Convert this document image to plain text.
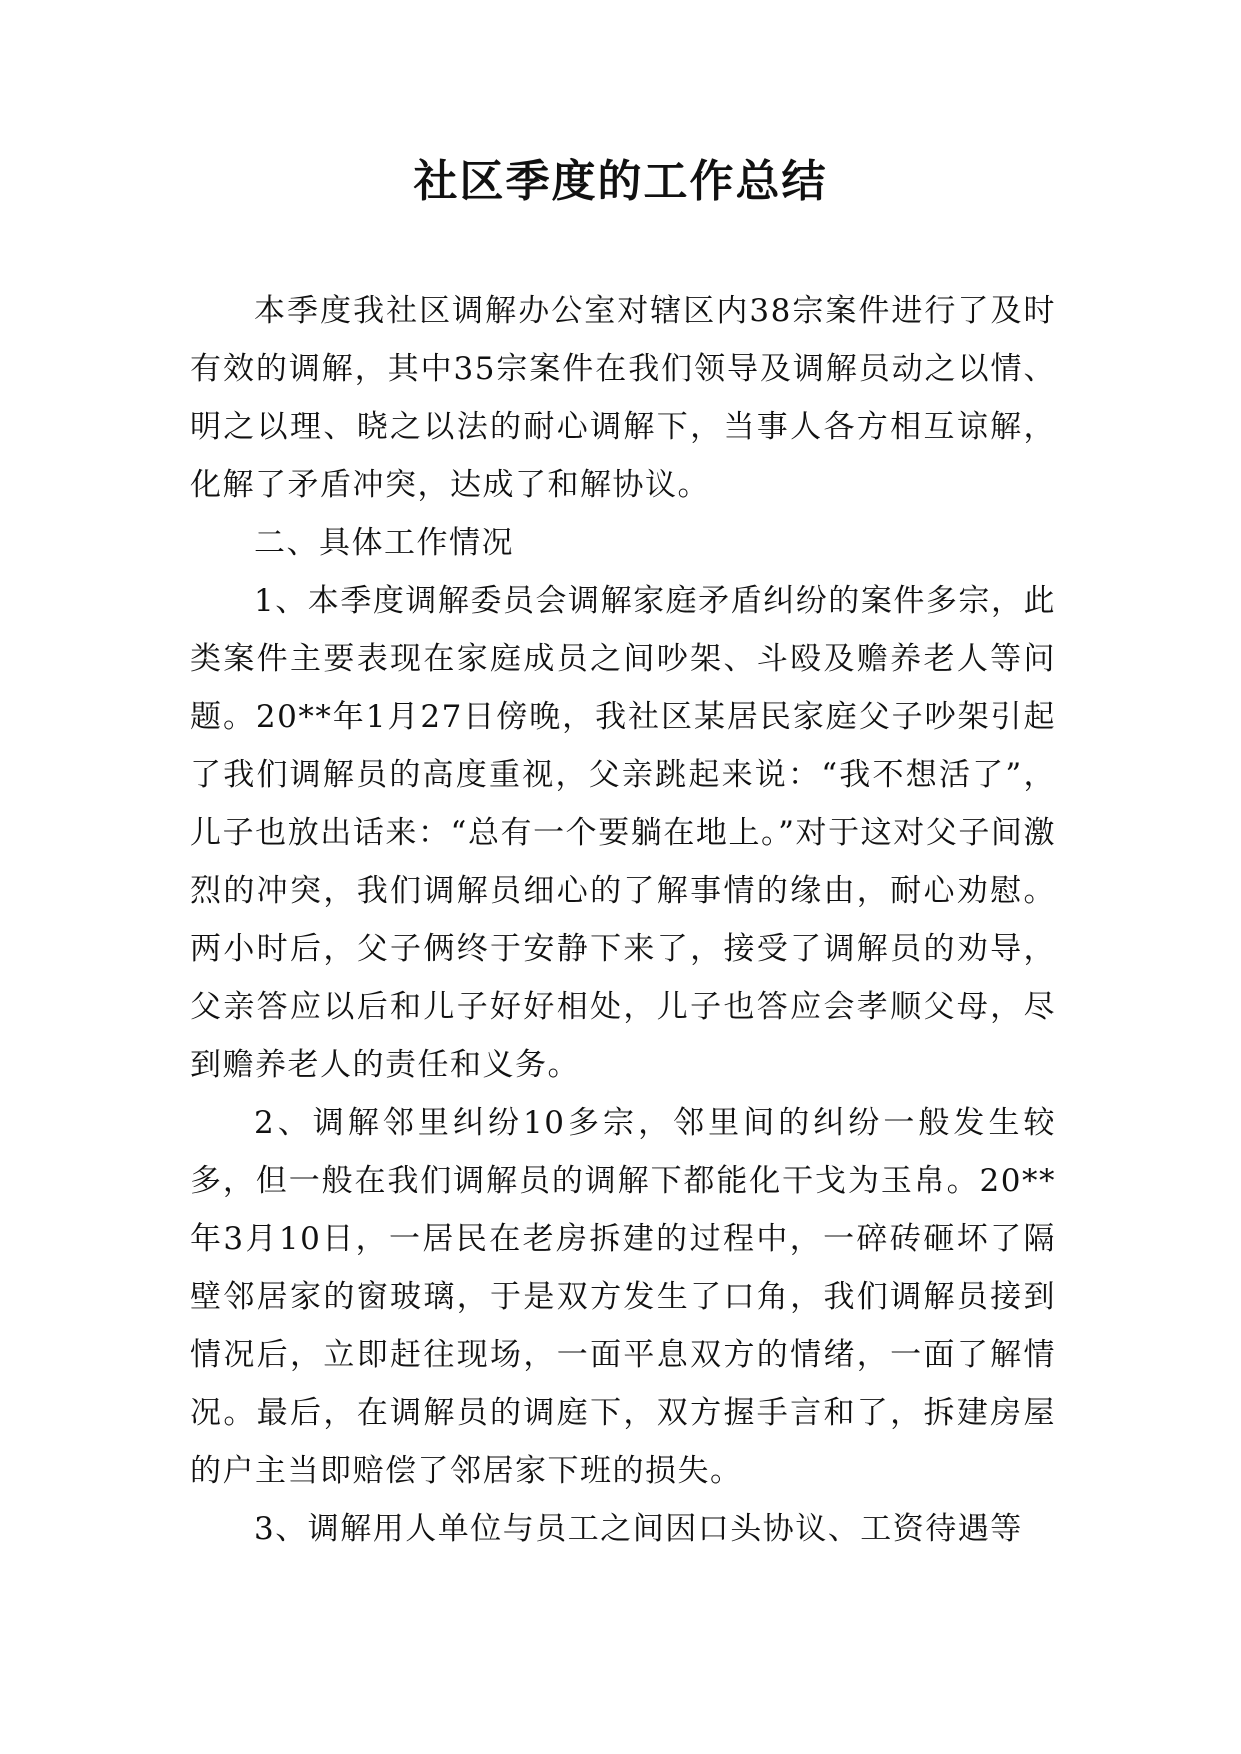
社区季度的工作总结

本季度我社区调解办公室对辖区内38宗案件进行了及时有效的调解，其中35宗案件在我们领导及调解员动之以情、明之以理、晓之以法的耐心调解下，当事人各方相互谅解，化解了矛盾冲突，达成了和解协议。

二、具体工作情况

1、本季度调解委员会调解家庭矛盾纠纷的案件多宗，此类案件主要表现在家庭成员之间吵架、斗殴及赡养老人等问题。20**年1月27日傍晚，我社区某居民家庭父子吵架引起了我们调解员的高度重视，父亲跳起来说：“我不想活了”，儿子也放出话来：“总有一个要躺在地上。”对于这对父子间激烈的冲突，我们调解员细心的了解事情的缘由，耐心劝慰。两小时后，父子俩终于安静下来了，接受了调解员的劝导，父亲答应以后和儿子好好相处，儿子也答应会孝顺父母，尽到赡养老人的责任和义务。

2、调解邻里纠纷10多宗，邻里间的纠纷一般发生较多，但一般在我们调解员的调解下都能化干戈为玉帛。20**年3月10日，一居民在老房拆建的过程中，一碎砖砸坏了隔壁邻居家的窗玻璃，于是双方发生了口角，我们调解员接到情况后，立即赶往现场，一面平息双方的情绪，一面了解情况。最后，在调解员的调庭下，双方握手言和了，拆建房屋的户主当即赔偿了邻居家下班的损失。

3、调解用人单位与员工之间因口头协议、工资待遇等
